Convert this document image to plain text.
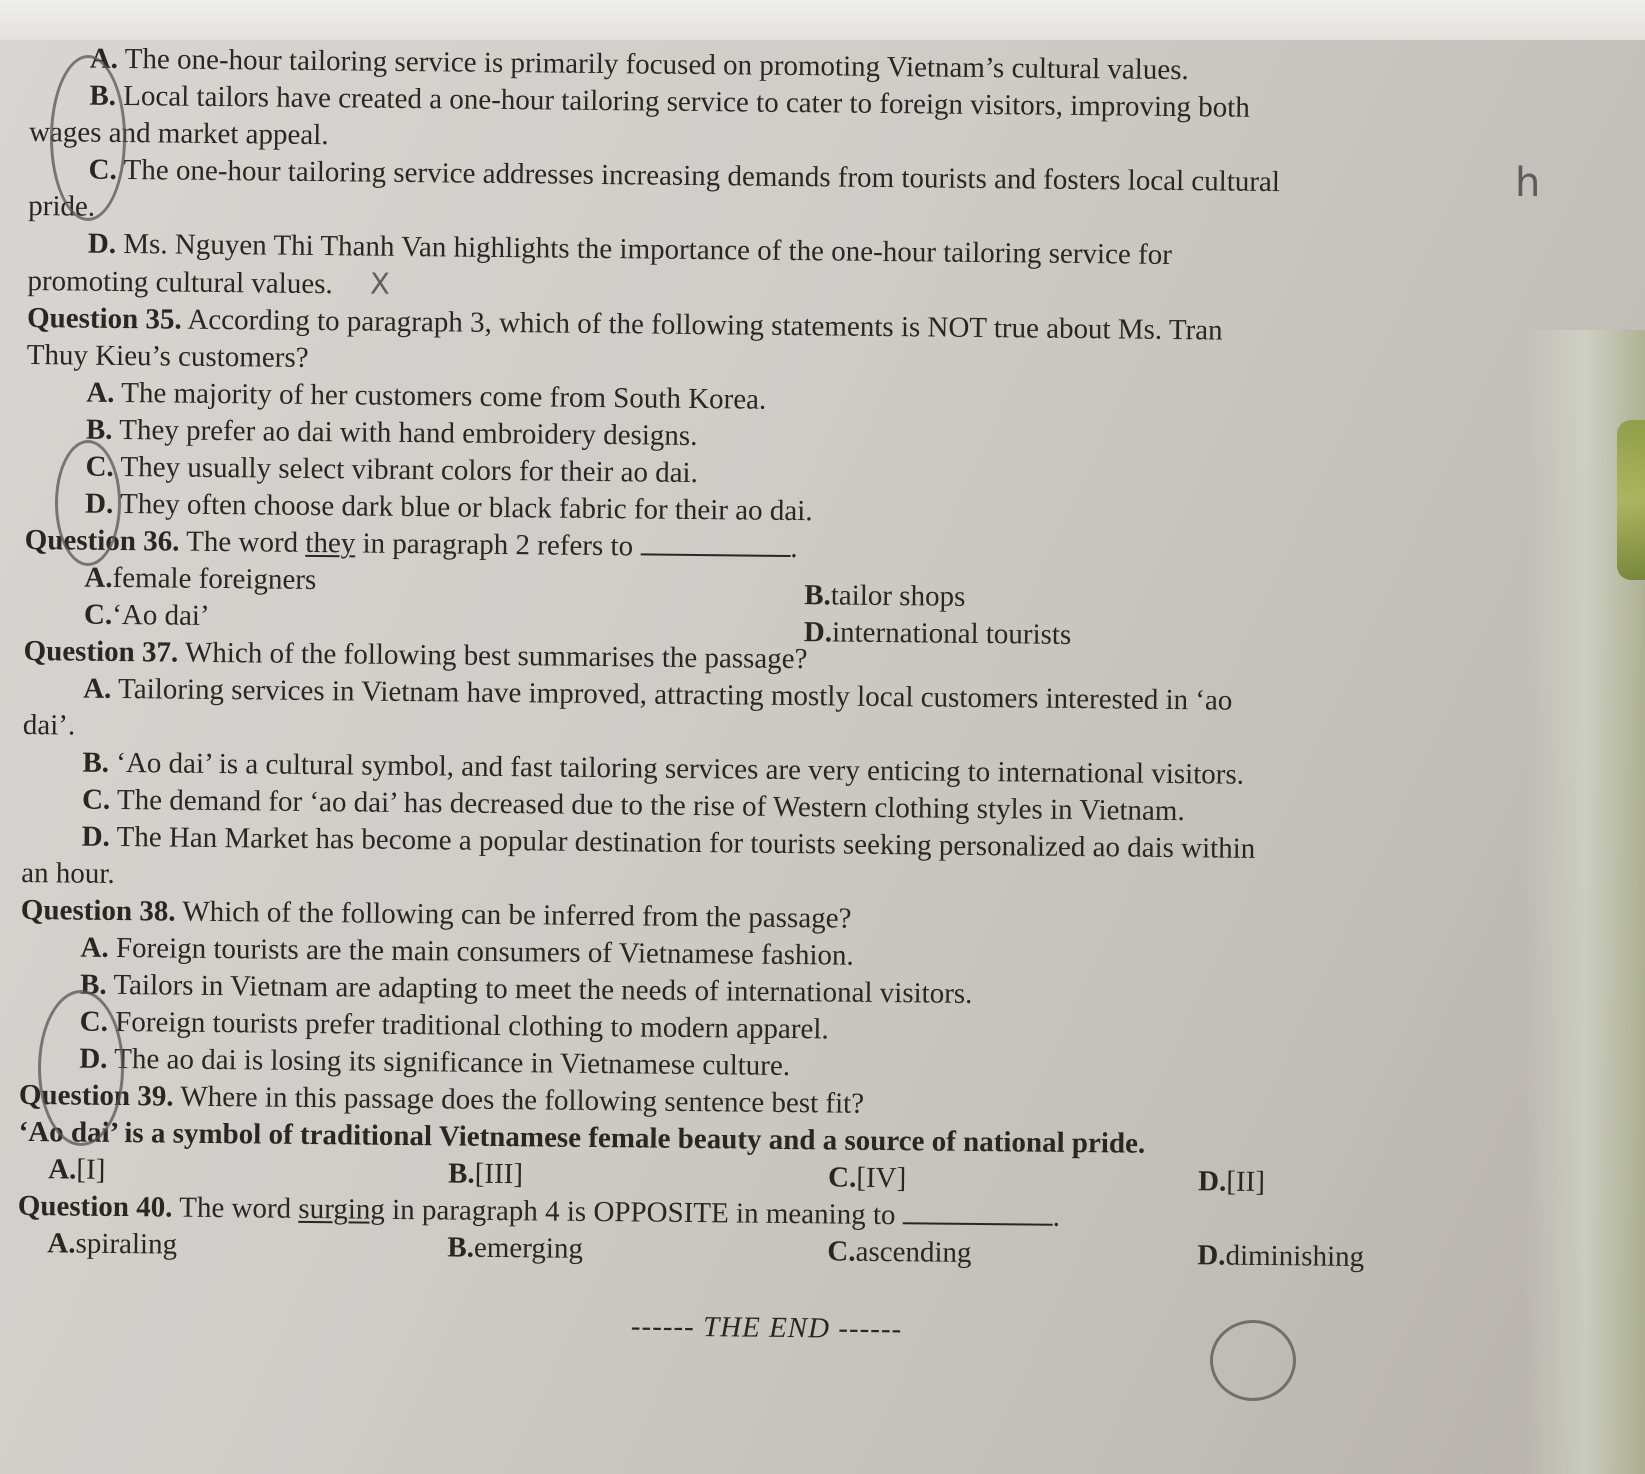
A. The one-hour tailoring service is primarily focused on promoting Vietnam’s cultural values.
B. Local tailors have created a one-hour tailoring service to cater to foreign visitors, improving both
wages and market appeal.
C. The one-hour tailoring service addresses increasing demands from tourists and fosters local cultural
pride.
D. Ms. Nguyen Thi Thanh Van highlights the importance of the one-hour tailoring service for
promoting cultural values. X
Question 35. According to paragraph 3, which of the following statements is NOT true about Ms. Tran
Thuy Kieu’s customers?
A. The majority of her customers come from South Korea.
B. They prefer ao dai with hand embroidery designs.
C. They usually select vibrant colors for their ao dai.
D. They often choose dark blue or black fabric for their ao dai.
Question 36. The word they in paragraph 2 refers to	.
A. female foreigners	B. tailor shops
C. ‘Ao dai’
D. international tourists
Question 37. Which of the following best summarises the passage?
A. Tailoring services in Vietnam have improved, attracting mostly local customers interested in ‘ao
dai’.
B. ‘Ao dai’ is a cultural symbol, and fast tailoring services are very enticing to international visitors.
C. The demand for ‘ao dai’ has decreased due to the rise of Western clothing styles in Vietnam.
D. The Han Market has become a popular destination for tourists seeking personalized ao dais within
an hour.
Question 38. Which of the following can be inferred from the passage?
A. Foreign tourists are the main consumers of Vietnamese fashion.
B. Tailors in Vietnam are adapting to meet the needs of international visitors.
C. Foreign tourists prefer traditional clothing to modern apparel.
D. The ao dai is losing its significance in Vietnamese culture.
Question 39. Where in this passage does the following sentence best fit?
‘Ao dai’ is a symbol of traditional Vietnamese female beauty and a source of national pride.
A. [I]	B. [III]	C. [IV]	D. [II]
Question 40. The word surging in paragraph 4 is OPPOSITE in meaning to	.
A. spiraling	B. emerging	C. ascending	D. diminishing
------ THE END ------
h
